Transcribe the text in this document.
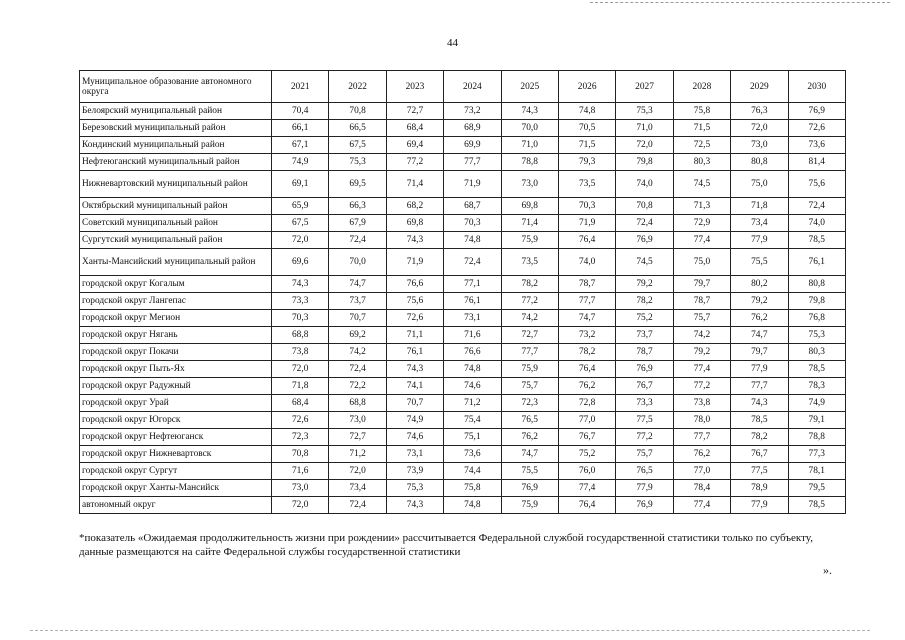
44
Муниципальное образование автономного округа	2021	2022	2023	2024	2025	2026	2027	2028	2029	2030
Белоярский муниципальный район	70,4	70,8	72,7	73,2	74,3	74,8	75,3	75,8	76,3	76,9
Березовский муниципальный район	66,1	66,5	68,4	68,9	70,0	70,5	71,0	71,5	72,0	72,6
Кондинский муниципальный район	67,1	67,5	69,4	69,9	71,0	71,5	72,0	72,5	73,0	73,6
Нефтеюганский муниципальный район	74,9	75,3	77,2	77,7	78,8	79,3	79,8	80,3	80,8	81,4
Нижневартовский муниципальный район	69,1	69,5	71,4	71,9	73,0	73,5	74,0	74,5	75,0	75,6
Октябрьский муниципальный район	65,9	66,3	68,2	68,7	69,8	70,3	70,8	71,3	71,8	72,4
Советский муниципальный район	67,5	67,9	69,8	70,3	71,4	71,9	72,4	72,9	73,4	74,0
Сургутский муниципальный район	72,0	72,4	74,3	74,8	75,9	76,4	76,9	77,4	77,9	78,5
Ханты-Мансийский муниципальный район	69,6	70,0	71,9	72,4	73,5	74,0	74,5	75,0	75,5	76,1
городской округ Когалым	74,3	74,7	76,6	77,1	78,2	78,7	79,2	79,7	80,2	80,8
городской округ Лангепас	73,3	73,7	75,6	76,1	77,2	77,7	78,2	78,7	79,2	79,8
городской округ Мегион	70,3	70,7	72,6	73,1	74,2	74,7	75,2	75,7	76,2	76,8
городской округ Нягань	68,8	69,2	71,1	71,6	72,7	73,2	73,7	74,2	74,7	75,3
городской округ Покачи	73,8	74,2	76,1	76,6	77,7	78,2	78,7	79,2	79,7	80,3
городской округ Пыть-Ях	72,0	72,4	74,3	74,8	75,9	76,4	76,9	77,4	77,9	78,5
городской округ Радужный	71,8	72,2	74,1	74,6	75,7	76,2	76,7	77,2	77,7	78,3
городской округ Урай	68,4	68,8	70,7	71,2	72,3	72,8	73,3	73,8	74,3	74,9
городской округ Югорск	72,6	73,0	74,9	75,4	76,5	77,0	77,5	78,0	78,5	79,1
городской округ Нефтеюганск	72,3	72,7	74,6	75,1	76,2	76,7	77,2	77,7	78,2	78,8
городской округ Нижневартовск	70,8	71,2	73,1	73,6	74,7	75,2	75,7	76,2	76,7	77,3
городской округ Сургут	71,6	72,0	73,9	74,4	75,5	76,0	76,5	77,0	77,5	78,1
городской округ Ханты-Мансийск	73,0	73,4	75,3	75,8	76,9	77,4	77,9	78,4	78,9	79,5
автономный округ	72,0	72,4	74,3	74,8	75,9	76,4	76,9	77,4	77,9	78,5
*показатель «Ожидаемая продолжительность жизни при рождении» рассчитывается Федеральной службой государственной статистики только по субъекту, данные размещаются на сайте Федеральной службы государственной статистики
».
